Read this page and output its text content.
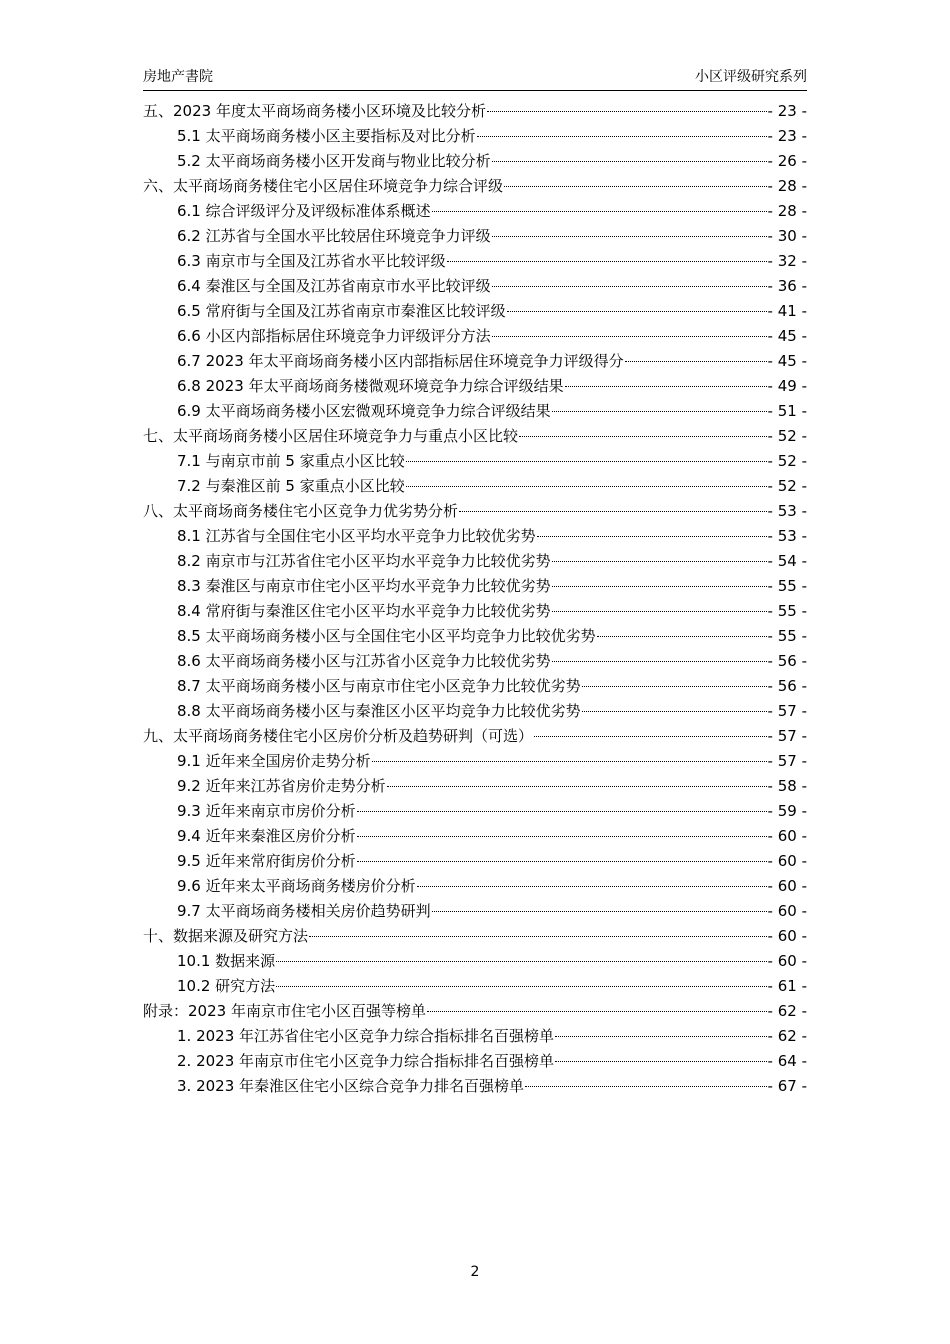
房地产書院	小区评级研究系列
五、2023 年度太平商场商务楼小区环境及比较分析	- 23 -
5.1 太平商场商务楼小区主要指标及对比分析	- 23 -
5.2 太平商场商务楼小区开发商与物业比较分析	- 26 -
六、太平商场商务楼住宅小区居住环境竞争力综合评级	- 28 -
6.1 综合评级评分及评级标准体系概述	- 28 -
6.2 江苏省与全国水平比较居住环境竞争力评级	- 30 -
6.3 南京市与全国及江苏省水平比较评级	- 32 -
6.4 秦淮区与全国及江苏省南京市水平比较评级	- 36 -
6.5 常府街与全国及江苏省南京市秦淮区比较评级	- 41 -
6.6 小区内部指标居住环境竞争力评级评分方法	- 45 -
6.7 2023 年太平商场商务楼小区内部指标居住环境竞争力评级得分	- 45 -
6.8 2023 年太平商场商务楼微观环境竞争力综合评级结果	- 49 -
6.9 太平商场商务楼小区宏微观环境竞争力综合评级结果	- 51 -
七、太平商场商务楼小区居住环境竞争力与重点小区比较	- 52 -
7.1 与南京市前 5 家重点小区比较	- 52 -
7.2 与秦淮区前 5 家重点小区比较	- 52 -
八、太平商场商务楼住宅小区竞争力优劣势分析	- 53 -
8.1 江苏省与全国住宅小区平均水平竞争力比较优劣势	- 53 -
8.2 南京市与江苏省住宅小区平均水平竞争力比较优劣势	- 54 -
8.3 秦淮区与南京市住宅小区平均水平竞争力比较优劣势	- 55 -
8.4 常府街与秦淮区住宅小区平均水平竞争力比较优劣势	- 55 -
8.5 太平商场商务楼小区与全国住宅小区平均竞争力比较优劣势	- 55 -
8.6 太平商场商务楼小区与江苏省小区竞争力比较优劣势	- 56 -
8.7 太平商场商务楼小区与南京市住宅小区竞争力比较优劣势	- 56 -
8.8 太平商场商务楼小区与秦淮区小区平均竞争力比较优劣势	- 57 -
九、太平商场商务楼住宅小区房价分析及趋势研判（可选）	- 57 -
9.1 近年来全国房价走势分析	- 57 -
9.2 近年来江苏省房价走势分析	- 58 -
9.3 近年来南京市房价分析	- 59 -
9.4 近年来秦淮区房价分析	- 60 -
9.5 近年来常府街房价分析	- 60 -
9.6 近年来太平商场商务楼房价分析	- 60 -
9.7 太平商场商务楼相关房价趋势研判	- 60 -
十、数据来源及研究方法	- 60 -
10.1 数据来源	- 60 -
10.2 研究方法	- 61 -
附录：2023 年南京市住宅小区百强等榜单	- 62 -
1. 2023 年江苏省住宅小区竞争力综合指标排名百强榜单	- 62 -
2. 2023 年南京市住宅小区竞争力综合指标排名百强榜单	- 64 -
3. 2023 年秦淮区住宅小区综合竞争力排名百强榜单	- 67 -
2
